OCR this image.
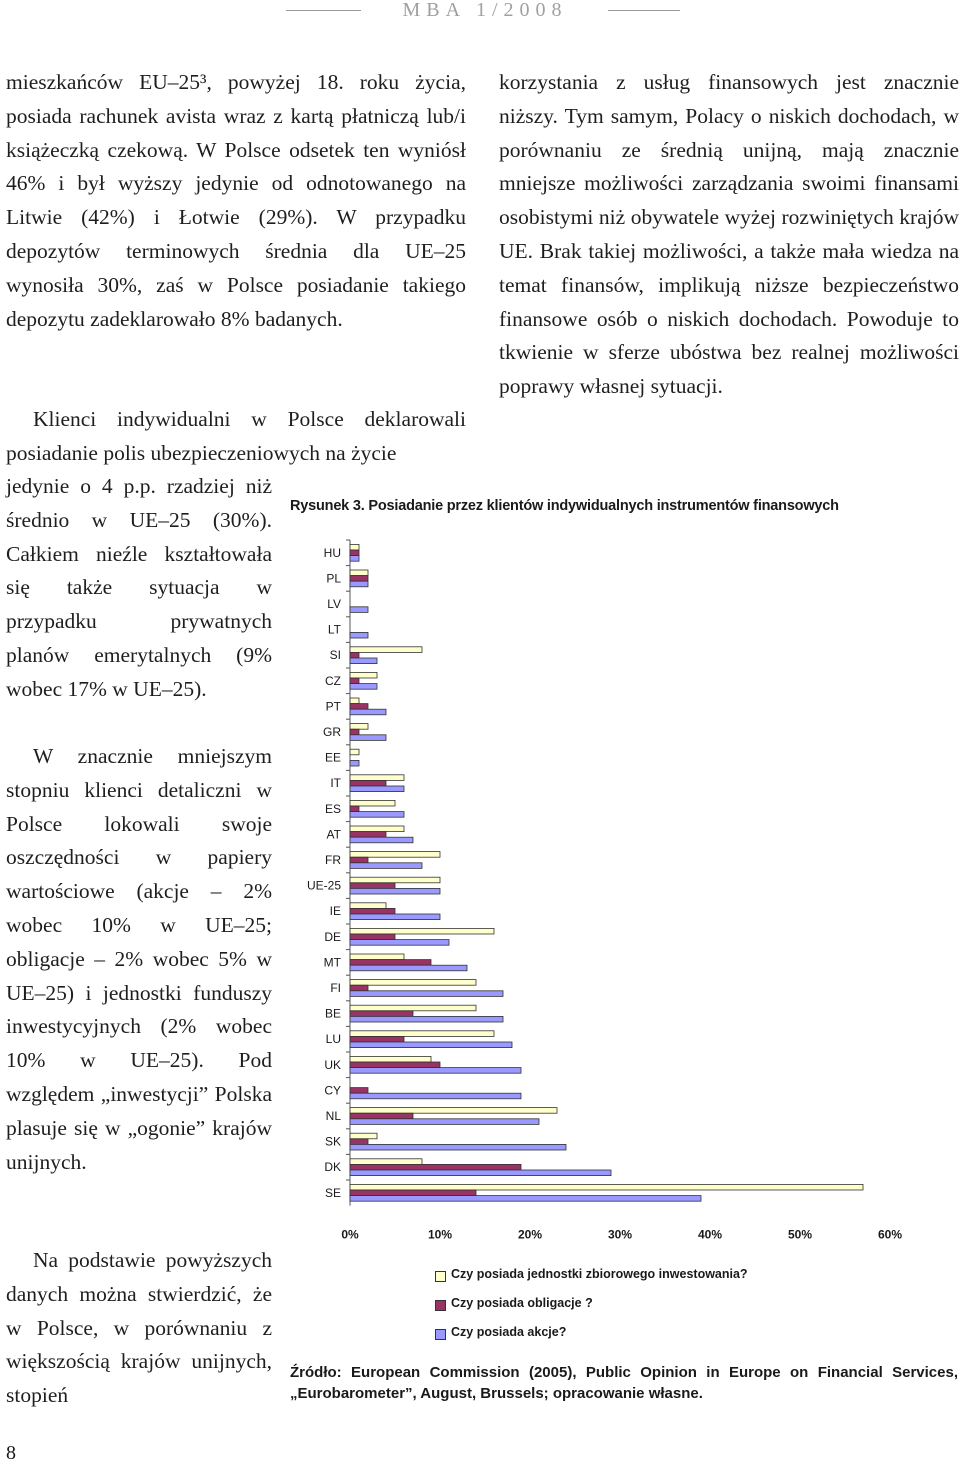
MBA 1/2008

mieszkańców EU–25³, powyżej 18. roku życia, posiada rachunek avista wraz z kartą płatniczą lub/i książeczką czekową. W Polsce odsetek ten wyniósł 46% i był wyższy jedynie od odnotowanego na Litwie (42%) i Łotwie (29%). W przypadku depozytów terminowych średnia dla UE–25 wynosiła 30%, zaś w Polsce posiadanie takiego depozytu zadeklarowało 8% badanych.

Klienci indywidualni w Polsce deklarowali posiadanie polis ubezpieczeniowych na życie

jedynie o 4 p.p. rzadziej niż średnio w UE–25 (30%). Całkiem nieźle kształtowała się także sytuacja w przypadku prywatnych planów emerytalnych (9% wobec 17% w UE–25).

W znacznie mniejszym stopniu klienci detaliczni w Polsce lokowali swoje oszczędności w papiery wartościowe (akcje – 2% wobec 10% w UE–25; obligacje – 2% wobec 5% w UE–25) i jednostki funduszy inwestycyjnych (2% wobec 10% w UE–25). Pod względem „inwestycji” Polska plasuje się w „ogonie” krajów unijnych.

Na podstawie powyższych danych można stwierdzić, że w Polsce, w porównaniu z większością krajów unijnych, stopień

korzystania z usług finansowych jest znacznie niższy. Tym samym, Polacy o niskich dochodach, w porównaniu ze średnią unijną, mają znacznie mniejsze możliwości zarządzania swoimi finansami osobistymi niż obywatele wyżej rozwiniętych krajów UE. Brak takiej możliwości, a także mała wiedza na temat finansów, implikują niższe bezpieczeństwo finansowe osób o niskich dochodach. Powoduje to tkwienie w sferze ubóstwa bez realnej możliwości poprawy własnej sytuacji.

Rysunek 3. Posiadanie przez klientów indywidualnych instrumentów finansowych
HU
PL
LV
LT
SI
CZ
PT
GR
EE
IT
ES
AT
FR
UE-25
IE
DE
MT
FI
BE
LU
UK
CY
NL
SK
DK
SE
0%	10%	20%	30%	40%	50%	60%
Czy posiada jednostki zbiorowego inwestowania?
Czy posiada obligacje ?
Czy posiada akcje?
Źródło: European Commission (2005), Public Opinion in Europe on Financial Services, „Eurobarometer”, August, Brussels; opracowanie własne.
8
